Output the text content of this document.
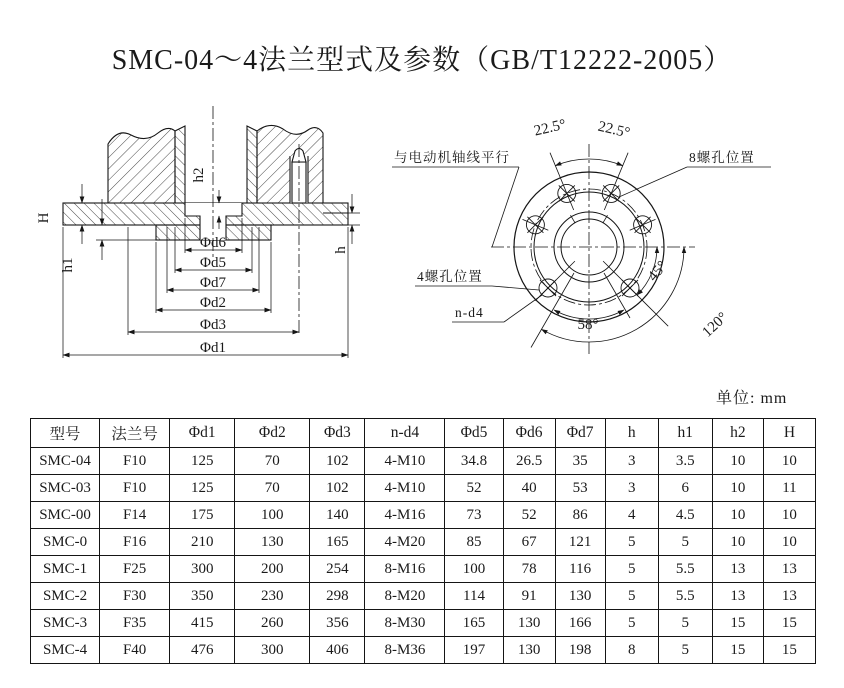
SMC-04～4法兰型式及参数（GB/T12222-2005）
H
h1
h2
h
Φd6
Φd5
Φd7
Φd2
Φd3
Φd1
22.5° 22.5°
58°	120°
45°
与电动机轴线平行	8螺孔位置
4螺孔位置
n-d4
单位: mm
型号	法兰号	Φd1	Φd2	Φd3	n-d4	Φd5	Φd6	Φd7	h	h1	h2	H
SMC-04	F10	125	70	102	4-M10	34.8	26.5	35	3	3.5	10	10
SMC-03	F10	125	70	102	4-M10	52	40	53	3	6	10	11
SMC-00	F14	175	100	140	4-M16	73	52	86	4	4.5	10	10
SMC-0	F16	210	130	165	4-M20	85	67	121	5	5	10	10
SMC-1	F25	300	200	254	8-M16	100	78	116	5	5.5	13	13
SMC-2	F30	350	230	298	8-M20	114	91	130	5	5.5	13	13
SMC-3	F35	415	260	356	8-M30	165	130	166	5	5	15	15
SMC-4	F40	476	300	406	8-M36	197	130	198	8	5	15	15
